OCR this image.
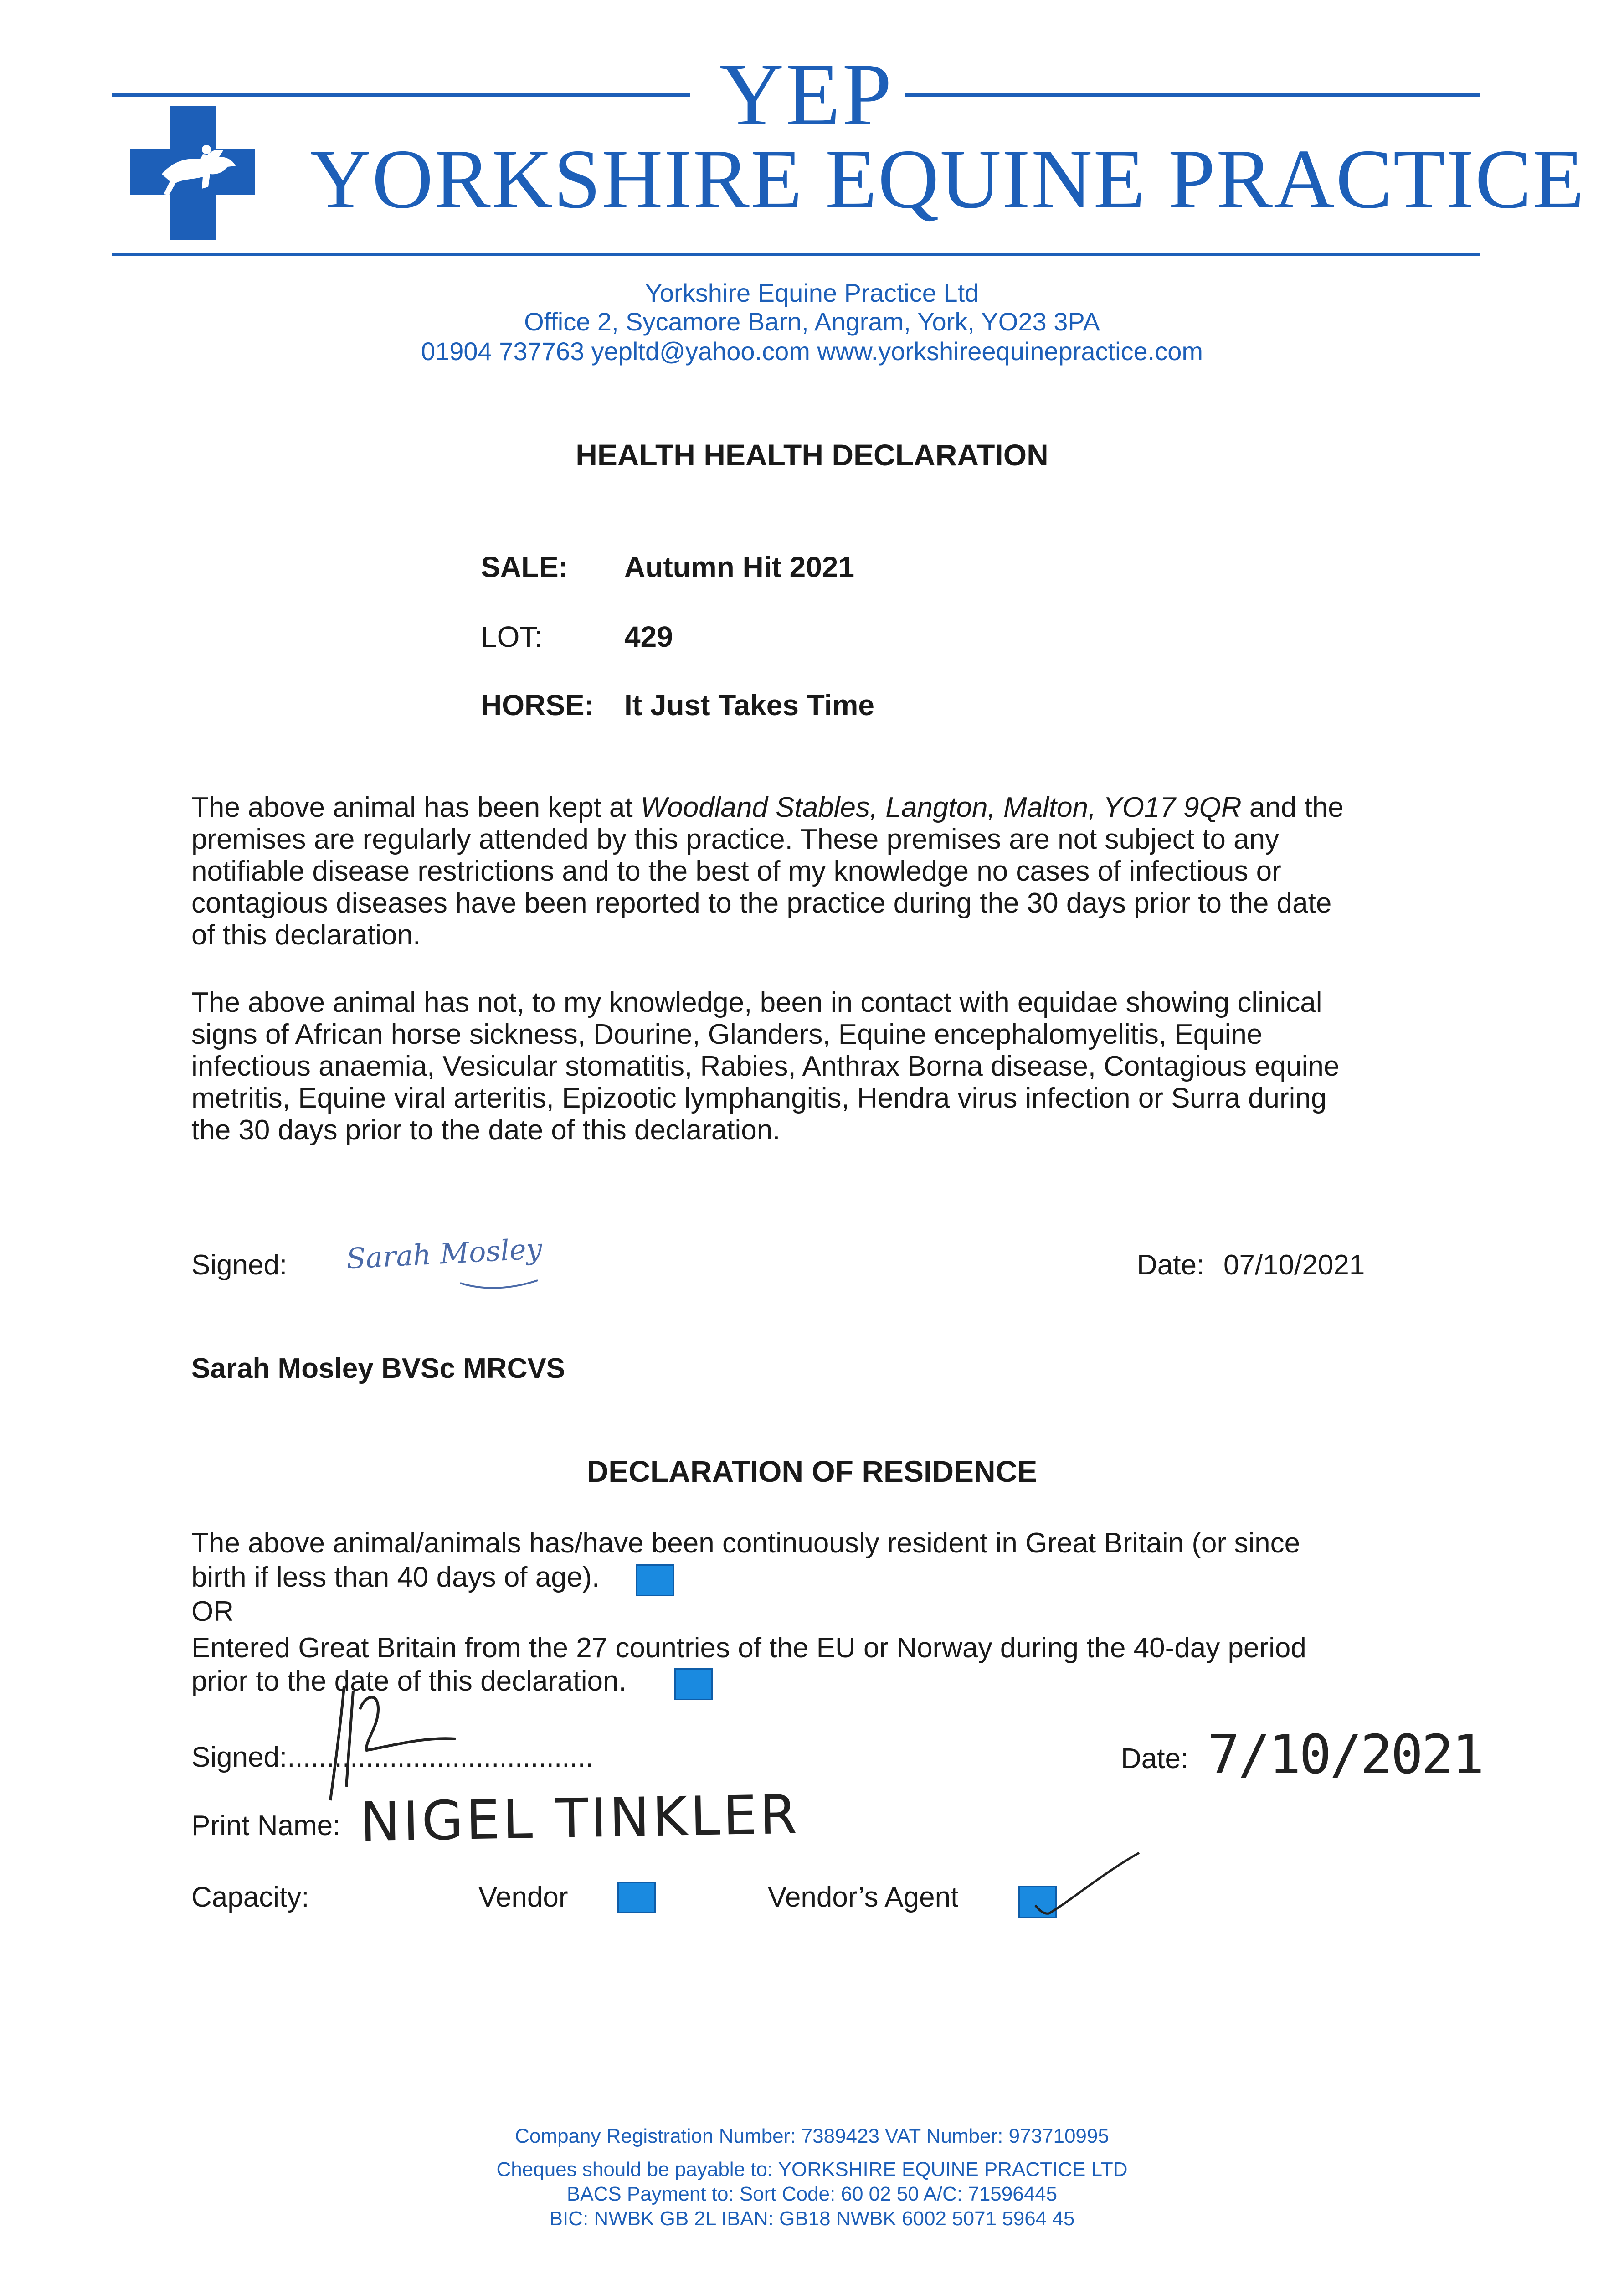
YEP
YORKSHIRE EQUINE PRACTICE
Yorkshire Equine Practice Ltd
Office 2, Sycamore Barn, Angram, York, YO23 3PA
01904 737763 yepltd@yahoo.com www.yorkshireequinepractice.com
HEALTH HEALTH DECLARATION
SALE: Autumn Hit 2021
LOT:	429
HORSE: It Just Takes Time
The above animal has been kept at Woodland Stables, Langton, Malton, YO17 9QR and the
premises are regularly attended by this practice. These premises are not subject to any
notifiable disease restrictions and to the best of my knowledge no cases of infectious or
contagious diseases have been reported to the practice during the 30 days prior to the date
of this declaration.
The above animal has not, to my knowledge, been in contact with equidae showing clinical
signs of African horse sickness, Dourine, Glanders, Equine encephalomyelitis, Equine
infectious anaemia, Vesicular stomatitis, Rabies, Anthrax Borna disease, Contagious equine
metritis, Equine viral arteritis, Epizootic lymphangitis, Hendra virus infection or Surra during
the 30 days prior to the date of this declaration.
Signed: Sarah Mosley	Date: 07/10/2021
Sarah Mosley BVSc MRCVS
DECLARATION OF RESIDENCE
The above animal/animals has/have been continuously resident in Great Britain (or since
birth if less than 40 days of age).
OR
Entered Great Britain from the 27 countries of the EU or Norway during the 40-day period
prior to the date of this declaration.
Signed:.......................................	Date: 7/10/2021
Print Name: NIGEL TINKLER
Capacity:	Vendor	Vendor’s Agent
Company Registration Number: 7389423 VAT Number: 973710995
Cheques should be payable to: YORKSHIRE EQUINE PRACTICE LTD
BACS Payment to: Sort Code: 60 02 50 A/C: 71596445
BIC: NWBK GB 2L IBAN: GB18 NWBK 6002 5071 5964 45
